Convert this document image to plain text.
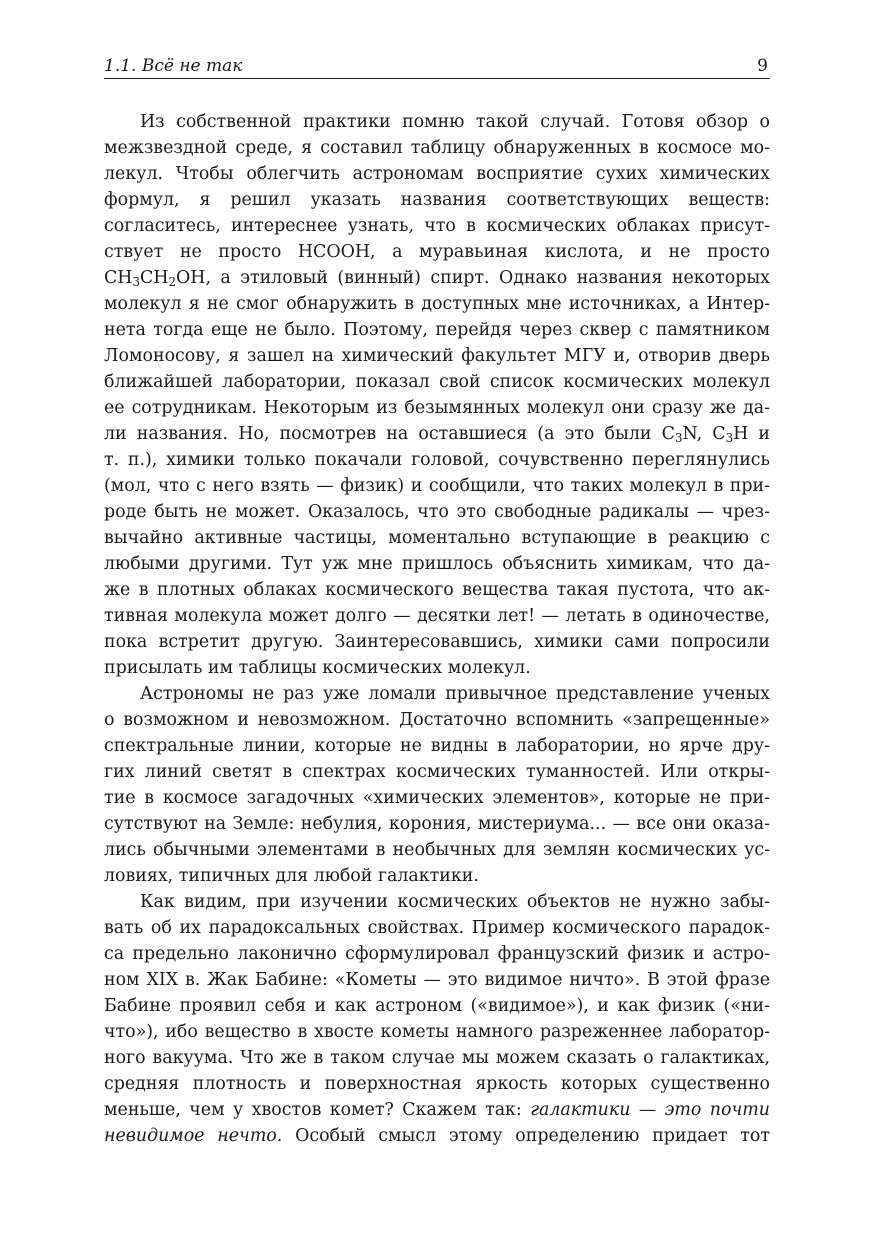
1.1. Всё не так	9
Из собственной практики помню такой случай. Готовя обзор о
межзвездной среде, я составил таблицу обнаруженных в космосе мо-
лекул. Чтобы облегчить астрономам восприятие сухих химических
формул, я решил указать названия соответствующих веществ:
согласитесь, интереснее узнать, что в космических облаках присут-
ствует не просто HCOOH, а муравьиная кислота, и не просто
$CH_3CH_2OH$, а этиловый (винный) спирт. Однако названия некоторых
молекул я не смог обнаружить в доступных мне источниках, а Интер-
нета тогда еще не было. Поэтому, перейдя через сквер с памятником
Ломоносову, я зашел на химический факультет МГУ и, отворив дверь
ближайшей лаборатории, показал свой список космических молекул
ее сотрудникам. Некоторым из безымянных молекул они сразу же да-
ли названия. Но, посмотрев на оставшиеся (а это были $C_3N$, $C_3H$ и
т. п.), химики только покачали головой, сочувственно переглянулись
(мол, что с него взять — физик) и сообщили, что таких молекул в при-
роде быть не может. Оказалось, что это свободные радикалы — чрез-
вычайно активные частицы, моментально вступающие в реакцию с
любыми другими. Тут уж мне пришлось объяснить химикам, что да-
же в плотных облаках космического вещества такая пустота, что ак-
тивная молекула может долго — десятки лет! — летать в одиночестве,
пока встретит другую. Заинтересовавшись, химики сами попросили
присылать им таблицы космических молекул.
Астрономы не раз уже ломали привычное представление ученых
о возможном и невозможном. Достаточно вспомнить «запрещенные»
спектральные линии, которые не видны в лаборатории, но ярче дру-
гих линий светят в спектрах космических туманностей. Или откры-
тие в космосе загадочных «химических элементов», которые не при-
сутствуют на Земле: небулия, корония, мистериума... — все они оказа-
лись обычными элементами в необычных для землян космических ус-
ловиях, типичных для любой галактики.
Как видим, при изучении космических объектов не нужно забы-
вать об их парадоксальных свойствах. Пример космического парадок-
са предельно лаконично сформулировал французский физик и астро-
ном XIX в. Жак Бабине: «Кометы — это видимое ничто». В этой фразе
Бабине проявил себя и как астроном («видимое»), и как физик («ни-
что»), ибо вещество в хвосте кометы намного разреженнее лаборатор-
ного вакуума. Что же в таком случае мы можем сказать о галактиках,
средняя плотность и поверхностная яркость которых существенно
меньше, чем у хвостов комет? Скажем так: галактики — это почти
невидимое нечто. Особый смысл этому определению придает тот
